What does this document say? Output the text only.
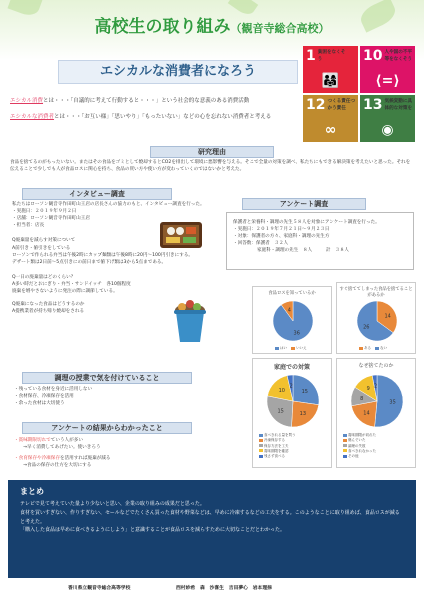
高校生の取り組み（観音寺総合高校）
エシカルな消費者になろう
1 貧困をなくそう
👨‍👩‍👧
10 人や国の不平等をなくそう
⟨=⟩
12 つくる責任つかう責任
∞
13 気候変動に具体的な対策を
◉
エシカル消費とは・・・「自議的に考えて行動すると・・・」という社会的な意義のある消費活動
エシカルな消費者とは・・・「お互い様」「思いやり」「もったいない」などの心を忘れない消費者と考える
研究理由
食品を捨てるのがもったいない。またはその食品をゴミとして焼却するとCO2を排出して環境に悪影響を与える。そこで全量の対策を調べ、私たちにもできる解決策を考えたいと思った。それを伝えることで少しでも人が食品ロスに関心を持ち、食品の買い方や使い方が変わっていくのではないかと考えた。
インタビュー調査
私たちはローソン観音寺作田町山王店の店長さんの協力のもと、インタビュー調査を行った。
・実施日：２０１９年９月２日
・店舗：ローソン観音寺作田町山王店
・担当者：店長
Q廃棄量を減らす対策について
A前引き・値引きをしている
ローソンで作られる弁当は午後2時にカップ麺類は午後8時に20円〜100円引きにする。
デザート類は2日前〜5点引きにの前日まで値下げ類は3から5点まである。
Q一日の廃棄量はどのくらい？
A多い時だとおにぎり・弁当・サンドイッチ　各10個程度
廃棄を増やさないように発注の際に調節している。
Q廃棄になった食品はどうするのか
A提携業者が持ち帰り焼却をされる
アンケート調査
保護者と栄養科・調理の先生５８人を対象にアンケート調査を行った。
・実施日：２０１９年７月２１日〜９月２３日
・対象：保護者の方々、家庭科・調理の先生方
・回答数：保護者　３２人
家庭科・調理の先生　８人　　　計　３８人
食品ロスを知っているか
36
4
はい	いいえ
すぐ捨ててしまった食品を捨てることがあるか
14
26
ある	ない
家庭での対策
15
13
15
10
2
食べきれる量を買う
冷凍保存する
保存方法を工夫
賞味期限を確認
残さず食べる
なぜ捨てたのか
35
14
8
9 2
賞味期限が切れた
傷んでいた
調理の失敗
食べきれなかった
その他
調理の授業で気を付けていること
・残っている食材を身近に活用しない
・食材保存、冷凍保存を活用
・余った食材は大切使う
アンケートの結果からわかったこと
・賞味期限切れでていう人が多い
　　→早く消費してあげたい。使いきろう
・食育保存や冷凍保存を活用すれば廃棄が減る
　　→食品の保存の仕方を大切にする
まとめ

テレビで見て考えていた量より少ないと思い、企業の取り組みの成果だと思った。

食材を買いすぎない、作りすぎない、セールなどでたくさん買った食材や野菜などは、早めに冷凍するなどの工夫をする。このようなことに取り組めば、食品ロスが減ると考えた。

「購入した食品は早めに食べきるようにしよう」と意識することが食品ロスを減らすために大切なことだとわかった。

香川県立観音寺総合高等学校	西村紗希　森　沙喜生　吉田夢心　岩本理捺
